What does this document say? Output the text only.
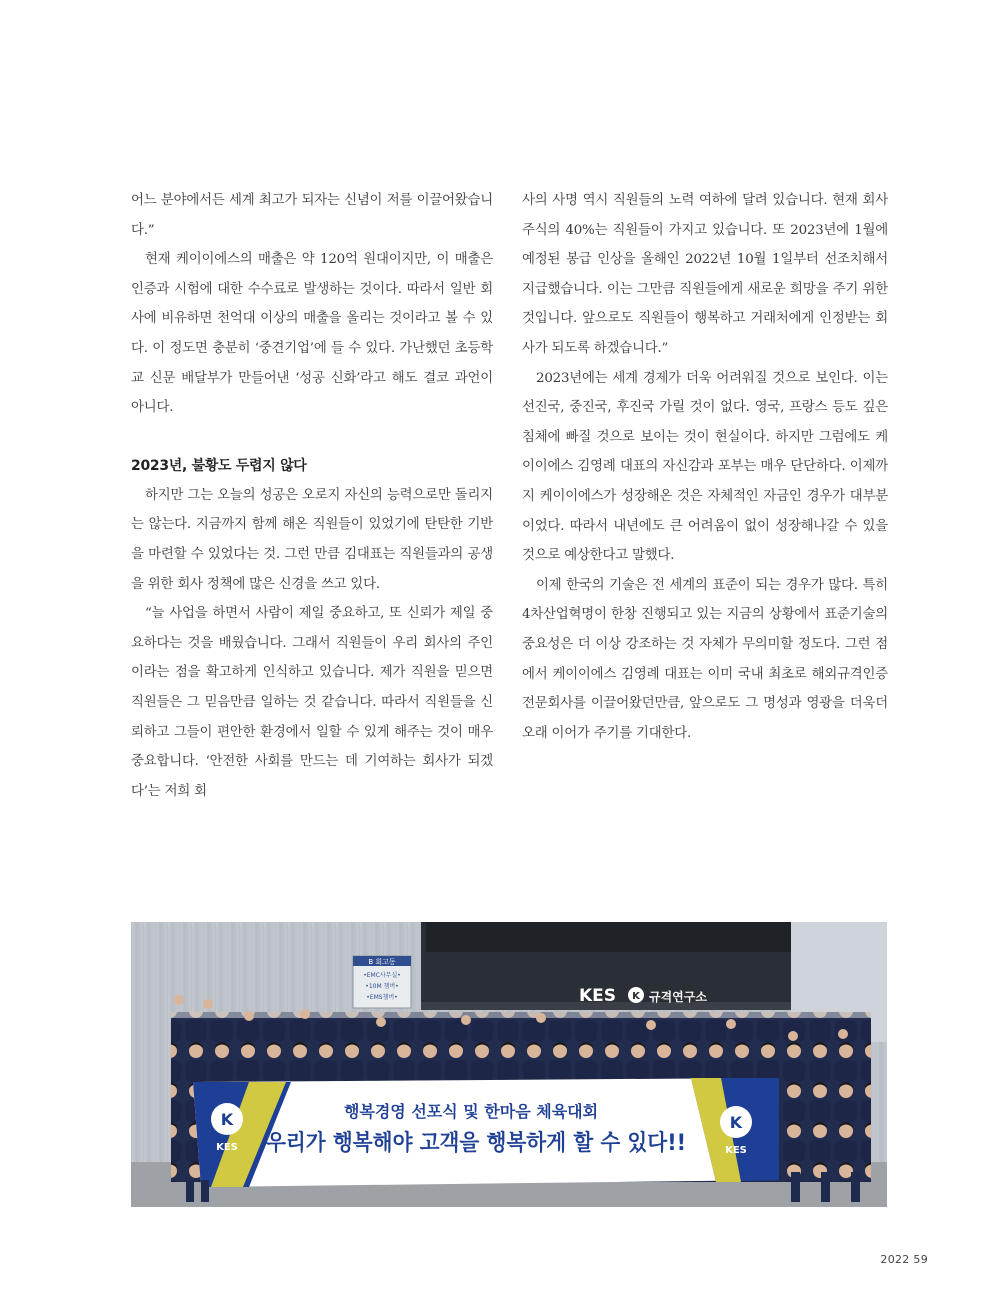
어느 분야에서든 세계 최고가 되자는 신념이 저를 이끌어왔습니다.”

현재 케이이에스의 매출은 약 120억 원대이지만, 이 매출은 인증과 시험에 대한 수수료로 발생하는 것이다. 따라서 일반 회사에 비유하면 천억대 이상의 매출을 올리는 것이라고 볼 수 있다. 이 정도면 충분히 ‘중견기업’에 들 수 있다. 가난했던 초등학교 신문 배달부가 만들어낸 ‘성공 신화’라고 해도 결코 과언이 아니다.

2023년, 불황도 두렵지 않다

하지만 그는 오늘의 성공은 오로지 자신의 능력으로만 돌리지는 않는다. 지금까지 함께 해온 직원들이 있었기에 탄탄한 기반을 마련할 수 있었다는 것. 그런 만큼 김대표는 직원들과의 공생을 위한 회사 정책에 많은 신경을 쓰고 있다.

“늘 사업을 하면서 사람이 제일 중요하고, 또 신뢰가 제일 중요하다는 것을 배웠습니다. 그래서 직원들이 우리 회사의 주인이라는 점을 확고하게 인식하고 있습니다. 제가 직원을 믿으면 직원들은 그 믿음만큼 일하는 것 같습니다. 따라서 직원들을 신뢰하고 그들이 편안한 환경에서 일할 수 있게 해주는 것이 매우 중요합니다. ‘안전한 사회를 만드는 데 기여하는 회사가 되겠다’는 저희 회

사의 사명 역시 직원들의 노력 여하에 달려 있습니다. 현재 회사 주식의 40%는 직원들이 가지고 있습니다. 또 2023년에 1월에 예정된 봉급 인상을 올해인 2022년 10월 1일부터 선조치해서 지급했습니다. 이는 그만큼 직원들에게 새로운 희망을 주기 위한 것입니다. 앞으로도 직원들이 행복하고 거래처에게 인정받는 회사가 되도록 하겠습니다.”

2023년에는 세계 경제가 더욱 어려워질 것으로 보인다. 이는 선진국, 중진국, 후진국 가릴 것이 없다. 영국, 프랑스 등도 깊은 침체에 빠질 것으로 보이는 것이 현실이다. 하지만 그럼에도 케이이에스 김영례 대표의 자신감과 포부는 매우 단단하다. 이제까지 케이이에스가 성장해온 것은 자체적인 자금인 경우가 대부분이었다. 따라서 내년에도 큰 어려움이 없이 성장해나갈 수 있을 것으로 예상한다고 말했다.

이제 한국의 기술은 전 세계의 표준이 되는 경우가 많다. 특히 4차산업혁명이 한창 진행되고 있는 지금의 상황에서 표준기술의 중요성은 더 이상 강조하는 것 자체가 무의미할 정도다. 그런 점에서 케이이에스 김영례 대표는 이미 국내 최초로 해외규격인증 전문회사를 이끌어왔던만큼, 앞으로도 그 명성과 영광을 더욱더 오래 이어가 주기를 기대한다.

B 회고동
•EMC사무실•
•10M 챔버•
•EMS챔버•	KES K 규격연구소
K
KES
K
KES
행복경영 선포식 및 한마음 체육대회
우리가 행복해야 고객을 행복하게 할 수 있다!!
2022 59
